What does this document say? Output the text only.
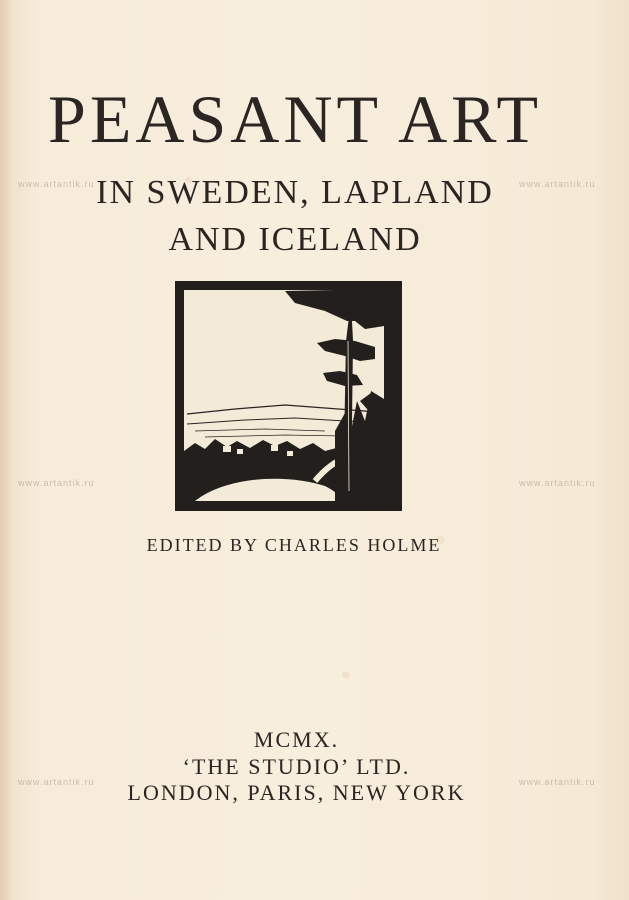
PEASANT ART
IN SWEDEN, LAPLAND
AND ICELAND
EDITED BY CHARLES HOLME
MCMX.
‘THE STUDIO’ LTD.
LONDON, PARIS, NEW YORK
www.artantik.ru	www.artantik.ru
www.artantik.ru	www.artantik.ru
www.artantik.ru	www.artantik.ru
